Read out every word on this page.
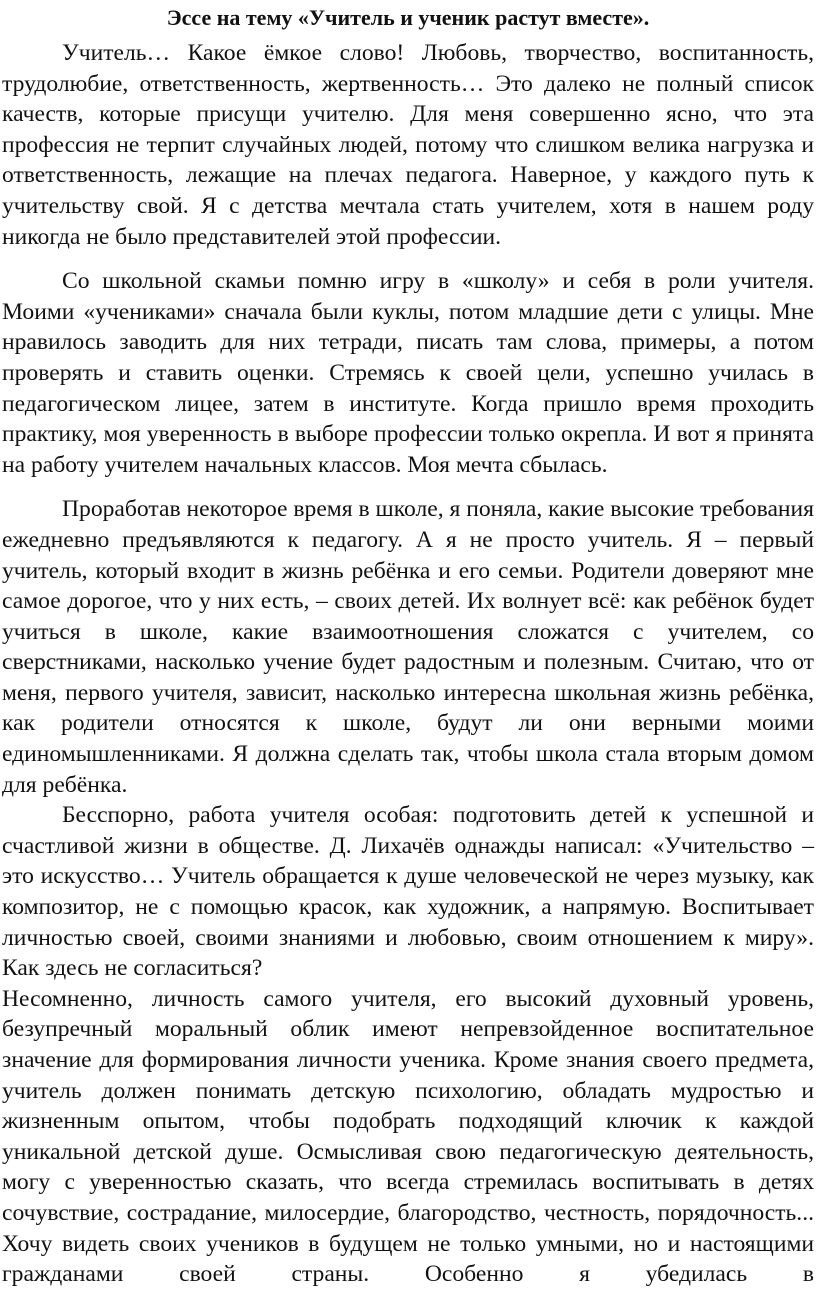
Эссе на тему «Учитель и ученик растут вместе».

Учитель… Какое ёмкое слово! Любовь, творчество, воспитанность, трудолюбие, ответственность, жертвенность… Это далеко не полный список качеств, которые присущи учителю. Для меня совершенно ясно, что эта профессия не терпит случайных людей, потому что слишком велика нагрузка и ответственность, лежащие на плечах педагога. Наверное, у каждого путь к учительству свой. Я с детства мечтала стать учителем, хотя в нашем роду никогда не было представителей этой профессии.

Со школьной скамьи помню игру в «школу» и себя в роли учителя. Моими «учениками» сначала были куклы, потом младшие дети с улицы. Мне нравилось заводить для них тетради, писать там слова, примеры, а потом проверять и ставить оценки. Стремясь к своей цели, успешно училась в педагогическом лицее, затем в институте. Когда пришло время проходить практику, моя уверенность в выборе профессии только окрепла. И вот я принята на работу учителем начальных классов. Моя мечта сбылась.

Проработав некоторое время в школе, я поняла, какие высокие требования ежедневно предъявляются к педагогу. А я не просто учитель. Я – первый учитель, который входит в жизнь ребёнка и его семьи. Родители доверяют мне самое дорогое, что у них есть, – своих детей. Их волнует всё: как ребёнок будет учиться в школе, какие взаимоотношения сложатся с учителем, со сверстниками, насколько учение будет радостным и полезным. Считаю, что от меня, первого учителя, зависит, насколько интересна школьная жизнь ребёнка, как родители относятся к школе, будут ли они верными моими единомышленниками. Я должна сделать так, чтобы школа стала вторым домом для ребёнка.

Бесспорно, работа учителя особая: подготовить детей к успешной и счастливой жизни в обществе. Д. Лихачёв однажды написал: «Учительство – это искусство… Учитель обращается к душе человеческой не через музыку, как композитор, не с помощью красок, как художник, а напрямую. Воспитывает личностью своей, своими знаниями и любовью, своим отношением к миру». Как здесь не согласиться?

Несомненно, личность самого учителя, его высокий духовный уровень, безупречный моральный облик имеют непревзойденное воспитательное значение для формирования личности ученика. Кроме знания своего предмета, учитель должен понимать детскую психологию, обладать мудростью и жизненным опытом, чтобы подобрать подходящий ключик к каждой уникальной детской душе. Осмысливая свою педагогическую деятельность, могу с уверенностью сказать, что всегда стремилась воспитывать в детях сочувствие, сострадание, милосердие, благородство, честность, порядочность... Хочу видеть своих учеников в будущем не только умными, но и настоящими гражданами своей страны. Особенно я убедилась в
